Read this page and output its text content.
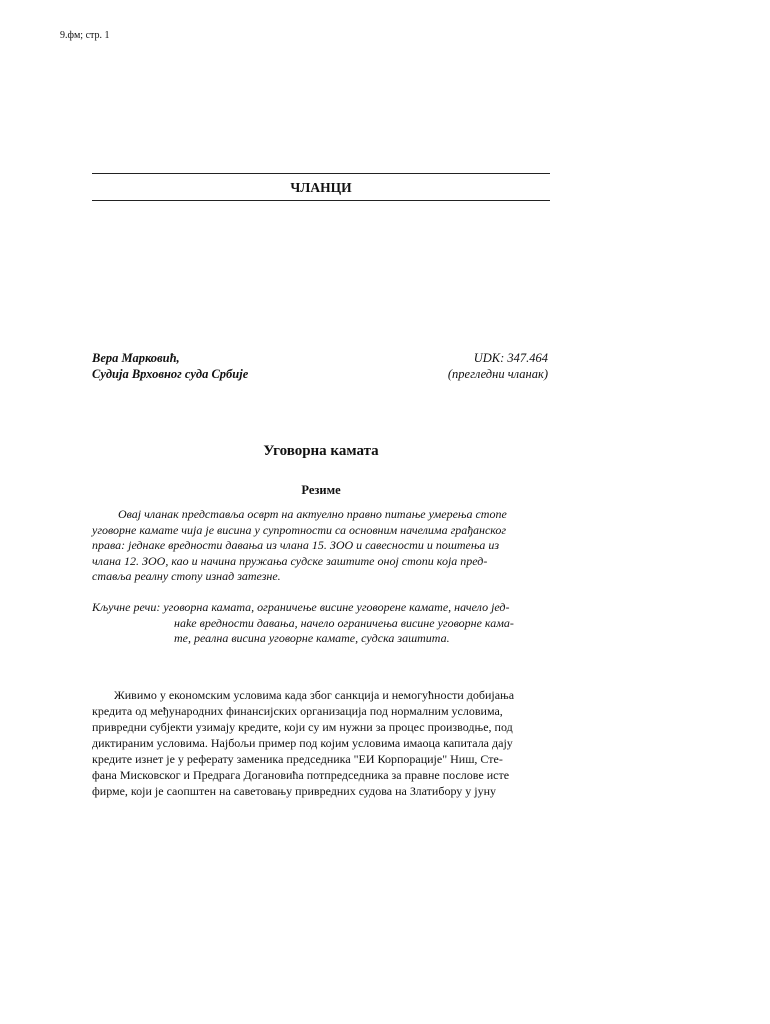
9.фм; стр. 1
ЧЛАНЦИ
Вера Марковић,
Судија Врховног суда Србије
UDK: 347.464
(прегледни чланак)
Уговорна камата
Резиме
Овај чланак представља осврт на актуелно правно питање умерења стопе
уговорне камате чија је висина у супротности са основним начелима грађанског
права: једнаке вредности давања из члана 15. ЗОО и савесности и поштења из
члана 12. ЗОО, као и начина пружања судске заштите оној стопи која пред-
ставља реалну стопу изнад затезне.
Кључне речи: уговорна камата, ограничење висине уговорене камате, начело јед-
нake вредности давања, начело ограничења висине уговорне кама-
те, реална висина уговорне камате, судска заштита.
Живимо у економским условима када због санкција и немогућности добијања
кредита од међународних финансијских организација под нормалним условима,
привредни субјекти узимају кредите, који су им нужни за процес производње, под
диктираним условима. Најбољи пример под којим условима имаоца капитала дају
кредите изнет је у реферату заменика председника "ЕИ Корпорације" Ниш, Сте-
фана Мисковског и Предрага Догановића потпредседника за правне послове исте
фирме, који је саопштен на саветовању привредних судова на Златибору у јуну
